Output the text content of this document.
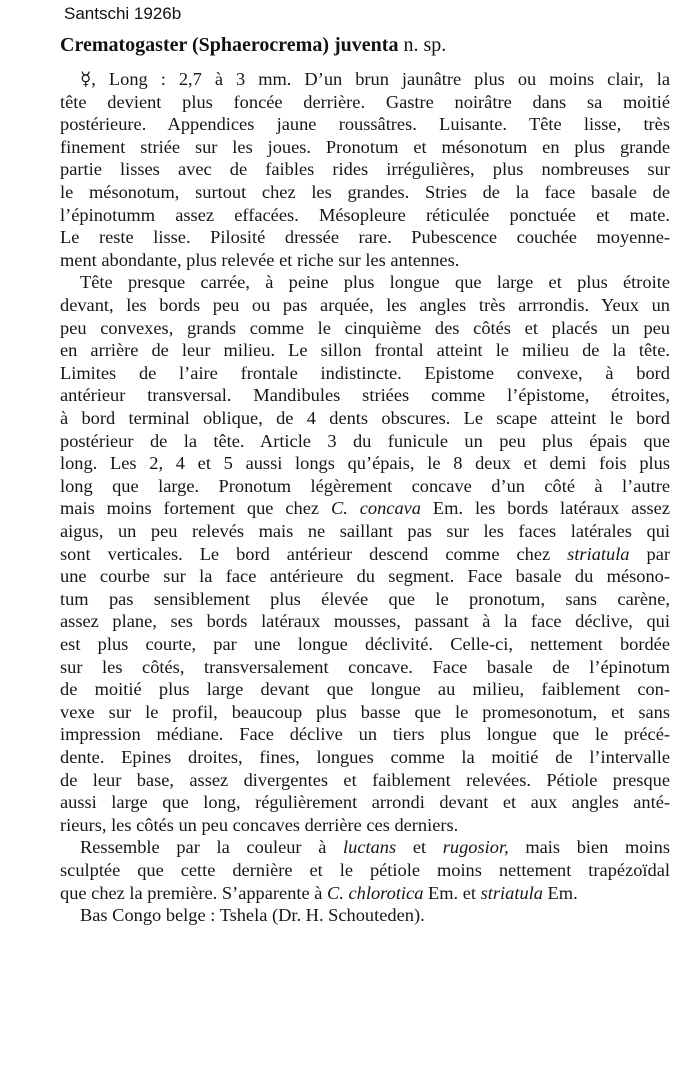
Santschi 1926b
Crematogaster (Sphaerocrema) juventa n. sp.
☿, Long : 2,7 à 3 mm. D’un brun jaunâtre plus ou moins clair, la
tête devient plus foncée derrière. Gastre noirâtre dans sa moitié
postérieure. Appendices jaune roussâtres. Luisante. Tête lisse, très
finement striée sur les joues. Pronotum et mésonotum en plus grande
partie lisses avec de faibles rides irrégulières, plus nombreuses sur
le mésonotum, surtout chez les grandes. Stries de la face basale de
l’épinotumm assez effacées. Mésopleure réticulée ponctuée et mate.
Le reste lisse. Pilosité dressée rare. Pubescence couchée moyenne-
ment abondante, plus relevée et riche sur les antennes.
Tête presque carrée, à peine plus longue que large et plus étroite
devant, les bords peu ou pas arquée, les angles très arrrondis. Yeux un
peu convexes, grands comme le cinquième des côtés et placés un peu
en arrière de leur milieu. Le sillon frontal atteint le milieu de la tête.
Limites de l’aire frontale indistincte. Epistome convexe, à bord
antérieur transversal. Mandibules striées comme l’épistome, étroites,
à bord terminal oblique, de 4 dents obscures. Le scape atteint le bord
postérieur de la tête. Article 3 du funicule un peu plus épais que
long. Les 2, 4 et 5 aussi longs qu’épais, le 8 deux et demi fois plus
long que large. Pronotum légèrement concave d’un côté à l’autre
mais moins fortement que chez C. concava Em. les bords latéraux assez
aigus, un peu relevés mais ne saillant pas sur les faces latérales qui
sont verticales. Le bord antérieur descend comme chez striatula par
une courbe sur la face antérieure du segment. Face basale du mésono-
tum pas sensiblement plus élevée que le pronotum, sans carène,
assez plane, ses bords latéraux mousses, passant à la face déclive, qui
est plus courte, par une longue déclivité. Celle-ci, nettement bordée
sur les côtés, transversalement concave. Face basale de l’épinotum
de moitié plus large devant que longue au milieu, faiblement con-
vexe sur le profil, beaucoup plus basse que le promesonotum, et sans
impression médiane. Face déclive un tiers plus longue que le précé-
dente. Epines droites, fines, longues comme la moitié de l’intervalle
de leur base, assez divergentes et faiblement relevées. Pétiole presque
aussi large que long, régulièrement arrondi devant et aux angles anté-
rieurs, les côtés un peu concaves derrière ces derniers.
Ressemble par la couleur à luctans et rugosior, mais bien moins
sculptée que cette dernière et le pétiole moins nettement trapézoïdal
que chez la première. S’apparente à C. chlorotica Em. et striatula Em.
Bas Congo belge : Tshela (Dr. H. Schouteden).
